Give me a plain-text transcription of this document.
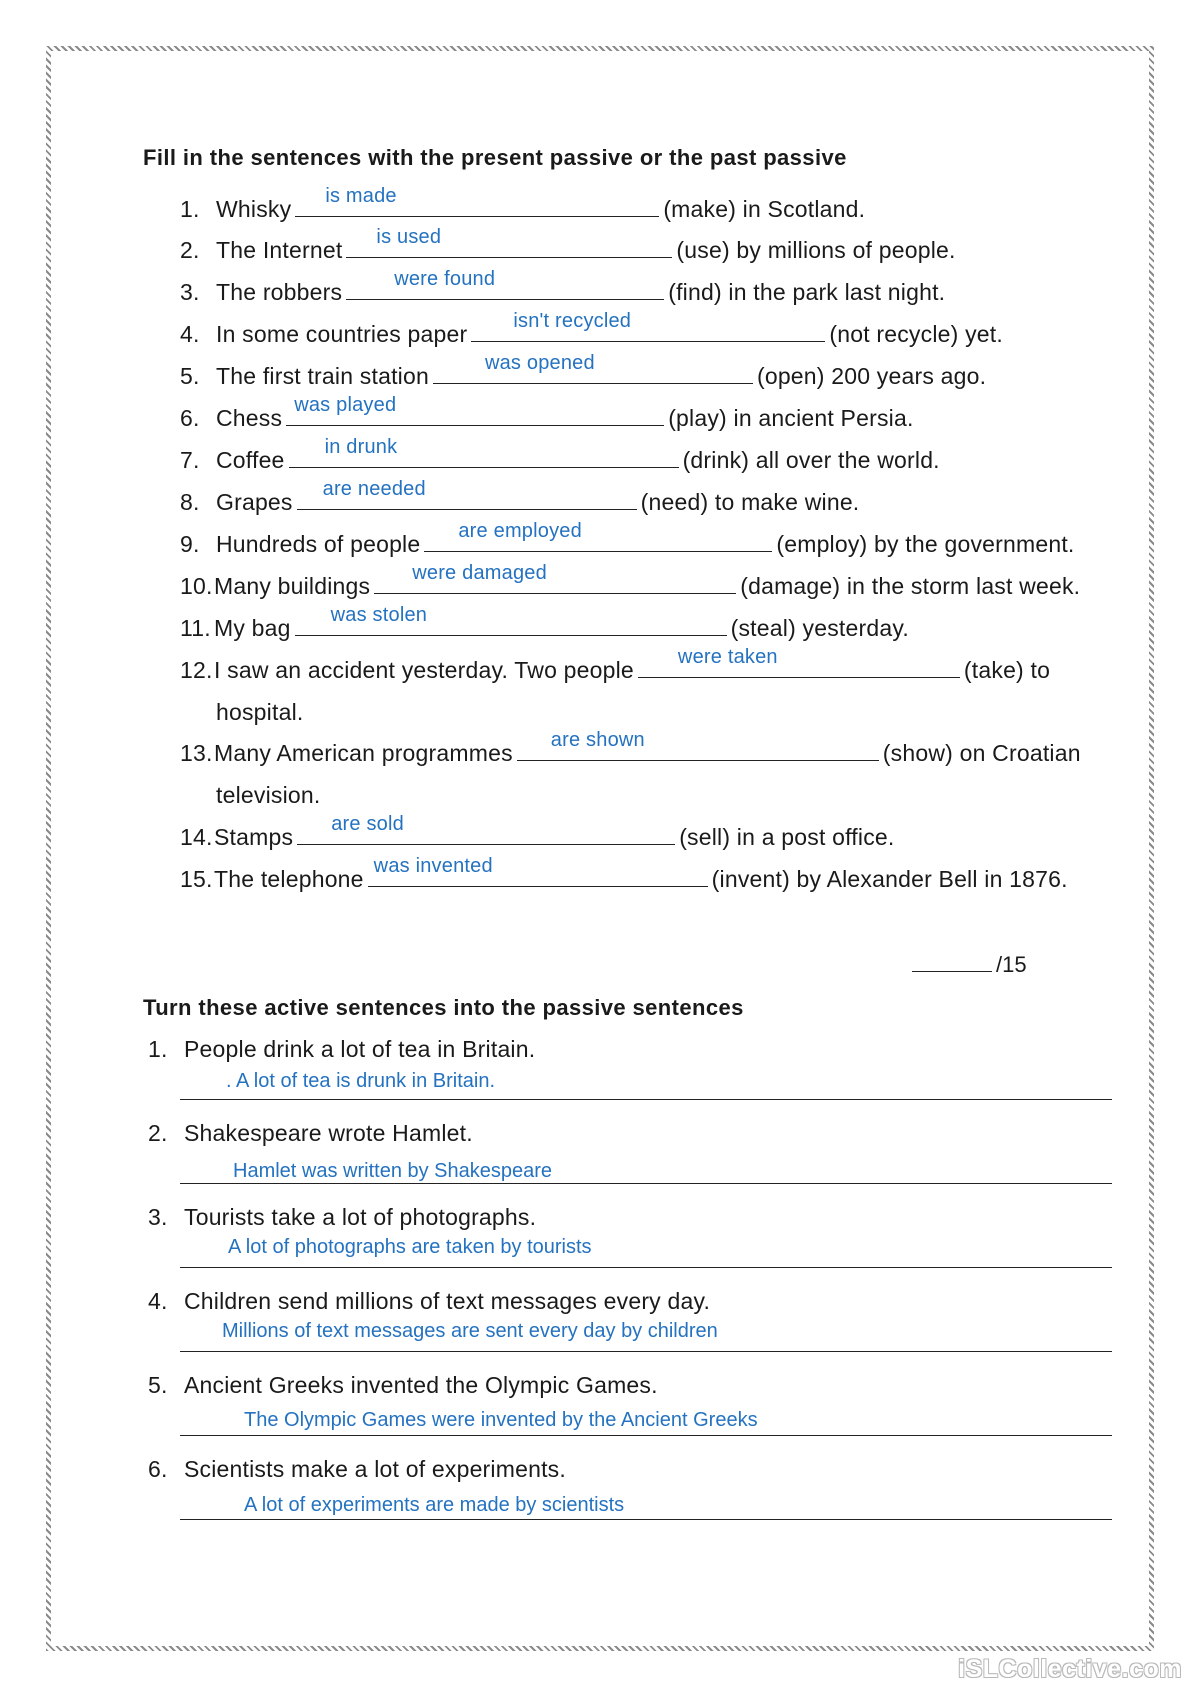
Fill in the sentences with the present passive or the past passive
1. Whisky is made	(make) in Scotland.
2. The Internet is used	(use) by millions of people.
3. The robbers	were found	(find) in the park last night.
4. In some countries paper isn't recycled	(not recycle) yet.
5. The first train station	was opened	(open) 200 years ago.
6. Chess was played	(play) in ancient Persia.
7. Coffee in drunk	(drink) all over the world.
8. Grapes are needed	(need) to make wine.
9. Hundreds of people are employed	(employ) by the government.
10. Many buildings were damaged	(damage) in the storm last week.
11. My bag was stolen	(steal) yesterday.
12. I saw an accident yesterday. Two people were taken	(take) to
hospital.
13. Many American programmes are shown	(show) on Croatian
television.
14. Stamps are sold	(sell) in a post office.
15. The telephone was invented	(invent) by Alexander Bell in 1876.
/15
Turn these active sentences into the passive sentences
1. People drink a lot of tea in Britain.
. A lot of tea is drunk in Britain.
2. Shakespeare wrote Hamlet.
Hamlet was written by Shakespeare
3. Tourists take a lot of photographs.
A lot of photographs are taken by tourists
4. Children send millions of text messages every day.
Millions of text messages are sent every day by children
5. Ancient Greeks invented the Olympic Games.
The Olympic Games were invented by the Ancient Greeks
6. Scientists make a lot of experiments.
A lot of experiments are made by scientists
iSLCollective.com
